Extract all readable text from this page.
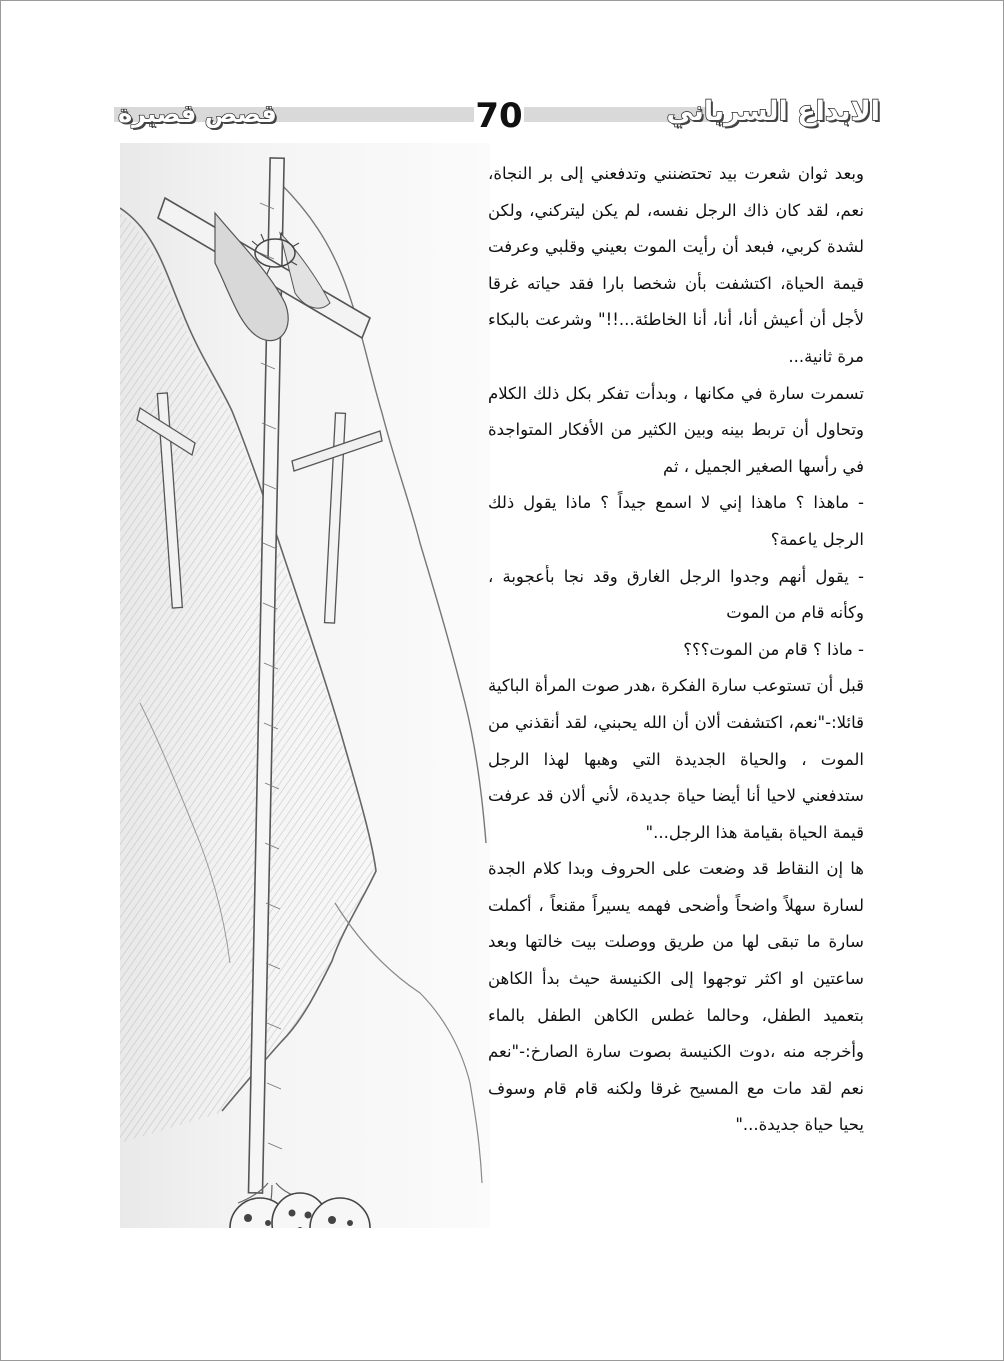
70
قصص قصيرة	الابداع السرياني

وبعد ثوان شعرت بيد تحتضنني وتدفعني إلى بر النجاة، نعم، لقد كان ذاك الرجل نفسه، لم يكن ليتركني، ولكن لشدة كربي، فبعد أن رأيت الموت بعيني وقلبي وعرفت قيمة الحياة، اكتشفت بأن شخصا بارا فقد حياته غرقا لأجل أن أعيش أنا، أنا، أنا الخاطئة...!!" وشرعت بالبكاء مرة ثانية...

تسمرت سارة في مكانها ، وبدأت تفكر بكل ذلك الكلام وتحاول أن تربط بينه وبين الكثير من الأفكار المتواجدة في رأسها الصغير الجميل ، ثم

- ماهذا ؟ ماهذا إني لا اسمع جيداً ؟ ماذا يقول ذلك الرجل ياعمة؟

- يقول أنهم وجدوا الرجل الغارق وقد نجا بأعجوبة ، وكأنه قام من الموت

- ماذا ؟ قام من الموت؟؟؟

قبل أن تستوعب سارة الفكرة ،هدر صوت المرأة الباكية قائلا:-"نعم، اكتشفت ألان أن الله يحبني، لقد أنقذني من الموت ، والحياة الجديدة التي وهبها لهذا الرجل ستدفعني لاحيا أنا أيضا حياة جديدة، لأني ألان قد عرفت قيمة الحياة بقيامة هذا الرجل..."

ها إن النقاط قد وضعت على الحروف وبدا كلام الجدة لسارة سهلاً واضحاً وأضحى فهمه يسيراً مقنعاً ، أكملت سارة ما تبقى لها من طريق ووصلت بيت خالتها وبعد ساعتين او اكثر توجهوا إلى الكنيسة حيث بدأ الكاهن بتعميد الطفل، وحالما غطس الكاهن الطفل بالماء وأخرجه منه ،دوت الكنيسة بصوت سارة الصارخ:-"نعم نعم لقد مات مع المسيح غرقا ولكنه قام قام وسوف يحيا حياة جديدة..."
